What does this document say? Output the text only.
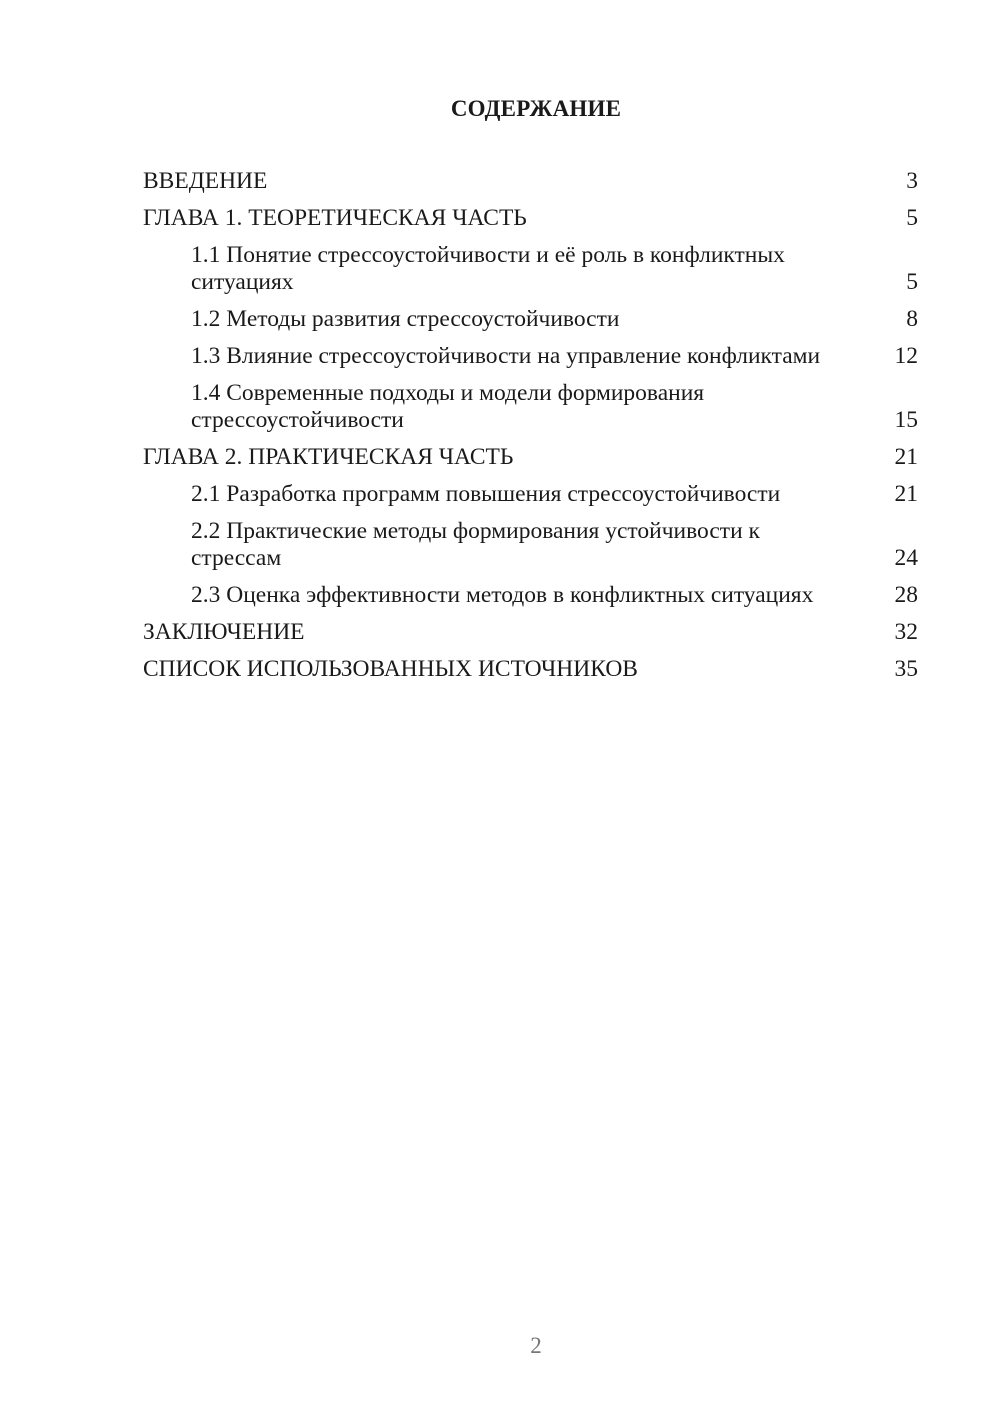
СОДЕРЖАНИЕ
ВВЕДЕНИЕ	3
ГЛАВА 1. ТЕОРЕТИЧЕСКАЯ ЧАСТЬ	5
1.1 Понятие стрессоустойчивости и её роль в конфликтных ситуациях	5
1.2 Методы развития стрессоустойчивости	8
1.3 Влияние стрессоустойчивости на управление конфликтами	12
1.4 Современные подходы и модели формирования стрессоустойчивости	15
ГЛАВА 2. ПРАКТИЧЕСКАЯ ЧАСТЬ	21
2.1 Разработка программ повышения стрессоустойчивости	21
2.2 Практические методы формирования устойчивости к стрессам	24
2.3 Оценка эффективности методов в конфликтных ситуациях	28
ЗАКЛЮЧЕНИЕ	32
СПИСОК ИСПОЛЬЗОВАННЫХ ИСТОЧНИКОВ	35
2
